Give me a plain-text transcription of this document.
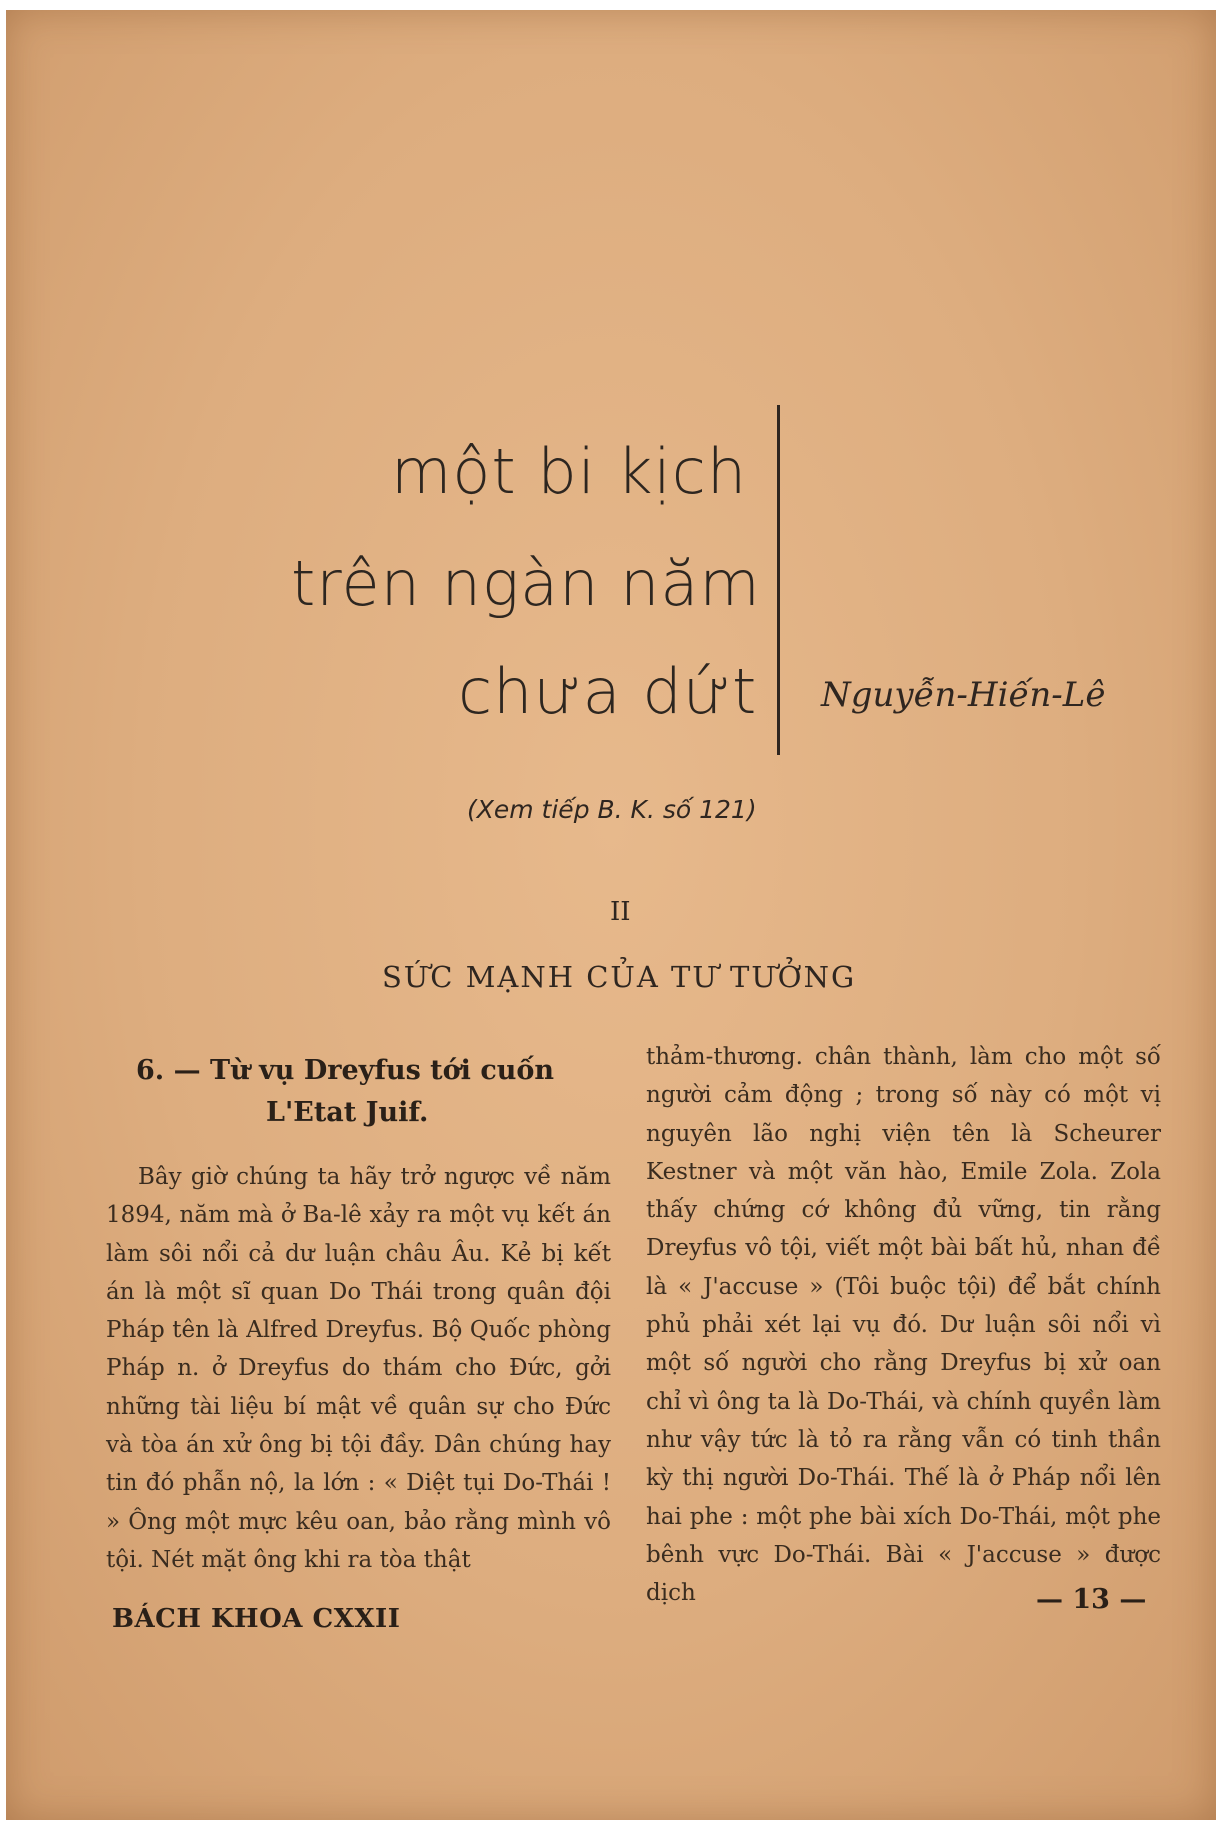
một bi kịch
trên ngàn năm
chưa dứt Nguyễn-Hiến-Lê
(Xem tiếp B. K. số 121)
II
SỨC MẠNH CỦA TƯ TƯỞNG
6. — Từ vụ Dreyfus tới cuốn
L'Etat Juif.

Bây giờ chúng ta hãy trở ngược về năm 1894, năm mà ở Ba-lê xảy ra một vụ kết án làm sôi nổi cả dư luận châu Âu. Kẻ bị kết án là một sĩ quan Do Thái trong quân đội Pháp tên là Alfred Dreyfus. Bộ Quốc phòng Pháp n. ở Dreyfus do thám cho Đức, gởi những tài liệu bí mật về quân sự cho Đức và tòa án xử ông bị tội đầy. Dân chúng hay tin đó phẫn nộ, la lớn : « Diệt tụi Do-Thái ! » Ông một mực kêu oan, bảo rằng mình vô tội. Nét mặt ông khi ra tòa thật

thảm-thương. chân thành, làm cho một số người cảm động ; trong số này có một vị nguyên lão nghị viện tên là Scheurer Kestner và một văn hào, Emile Zola. Zola thấy chứng cớ không đủ vững, tin rằng Dreyfus vô tội, viết một bài bất hủ, nhan đề là « J'accuse » (Tôi buộc tội) để bắt chính phủ phải xét lại vụ đó. Dư luận sôi nổi vì một số người cho rằng Dreyfus bị xử oan chỉ vì ông ta là Do-Thái, và chính quyền làm như vậy tức là tỏ ra rằng vẫn có tinh thần kỳ thị người Do-Thái. Thế là ở Pháp nổi lên hai phe : một phe bài xích Do-Thái, một phe bênh vực Do-Thái. Bài « J'accuse » được dịch

BÁCH KHOA CXXII
— 13 —
